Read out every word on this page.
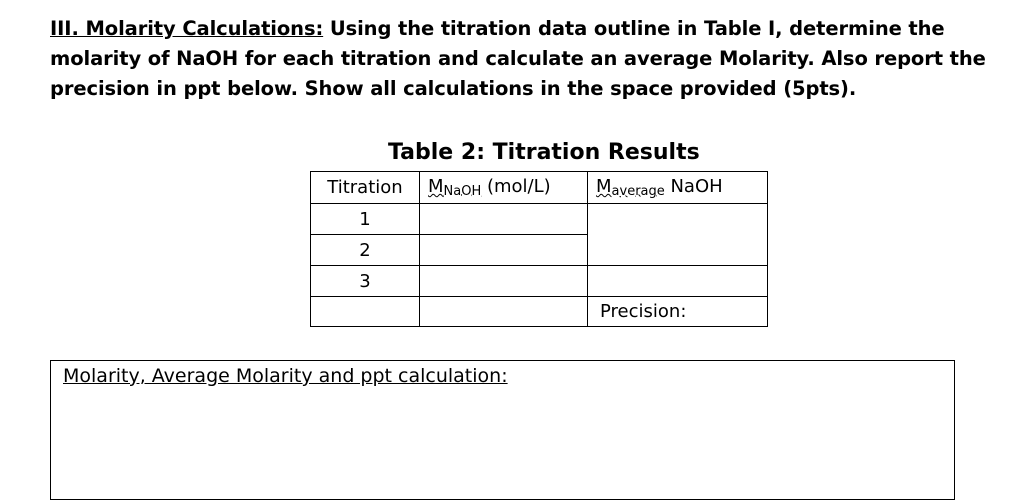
III. Molarity Calculations: Using the titration data outline in Table I, determine the molarity of NaOH for each titration and calculate an average Molarity. Also report the precision in ppt below. Show all calculations in the space provided (5pts).
Table 2: Titration Results
Titration	$M_{NaOH}$ (mol/L)	$M_{average}$ NaOH

1		
2		
3		

		Precision:
Molarity, Average Molarity and ppt calculation:
